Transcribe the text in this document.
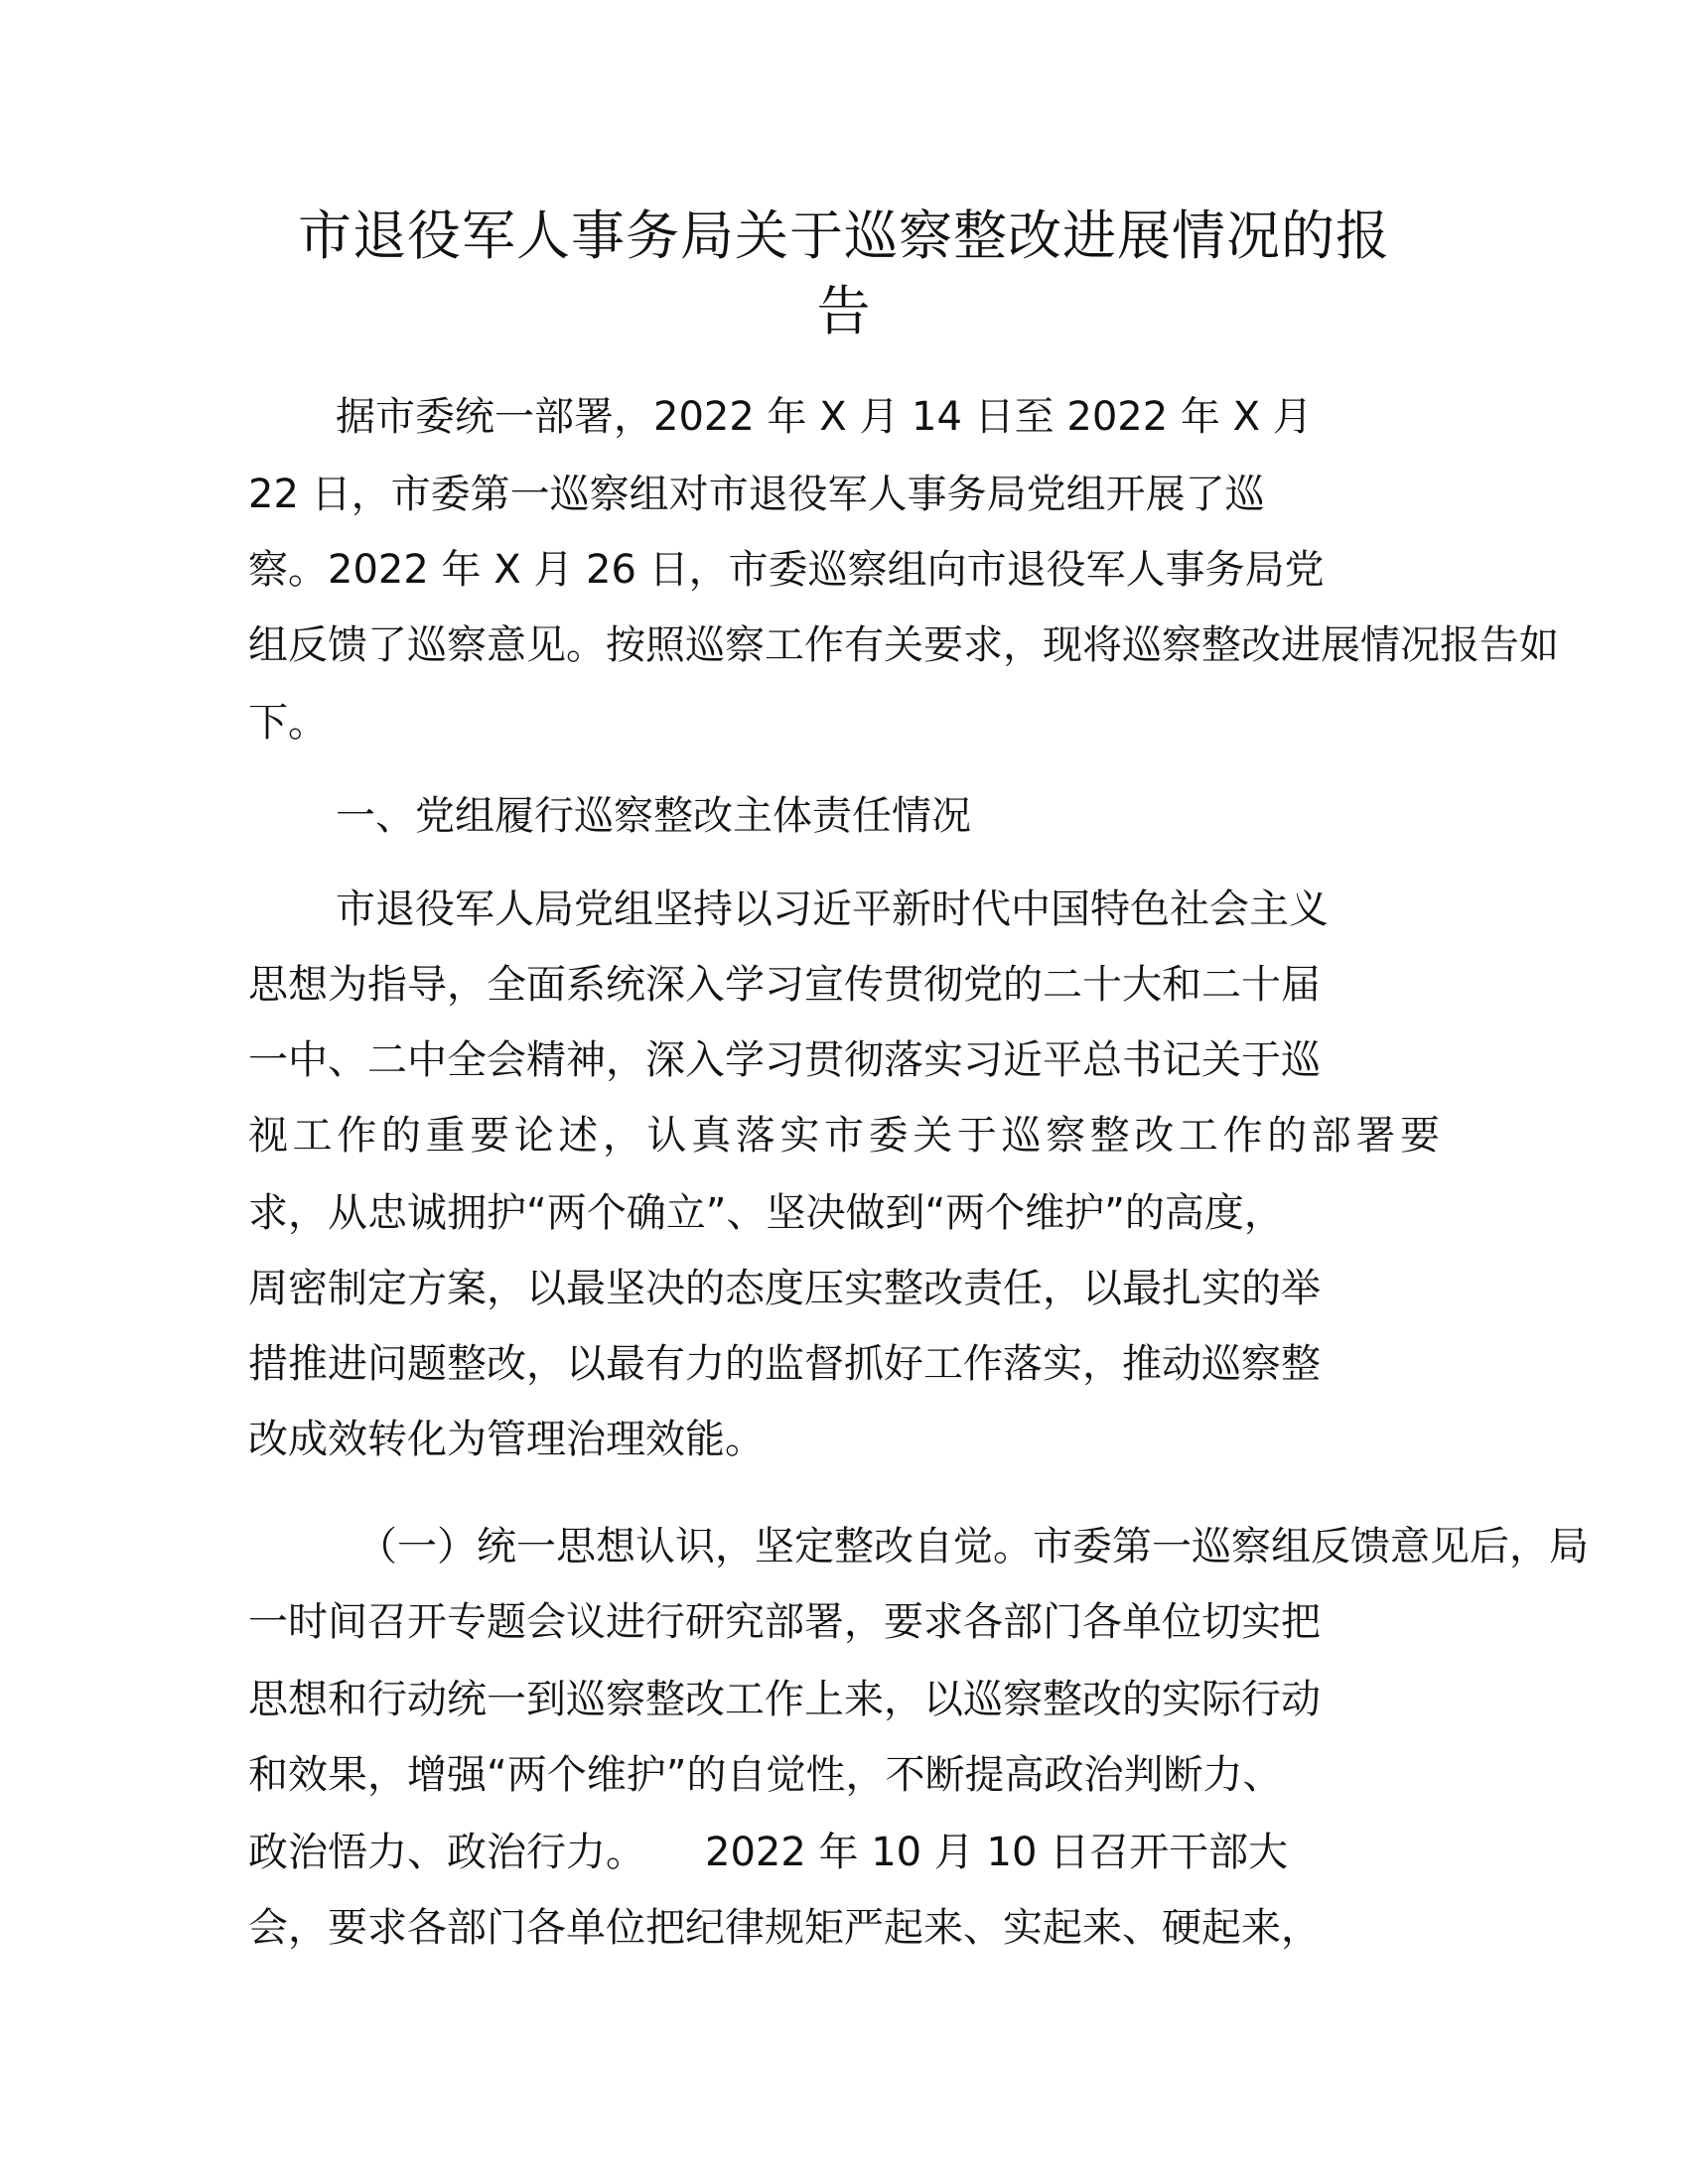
市退役军人事务局关于巡察整改进展情况的报
告
据市委统一部署，2022 年 X 月 14 日至 2022 年 X 月
22 日，市委第一巡察组对市退役军人事务局党组开展了巡
察。2022 年 X 月 26 日，市委巡察组向市退役军人事务局党
组反馈了巡察意见。按照巡察工作有关要求，现将巡察整改进展情况报告如
下。
一、党组履行巡察整改主体责任情况
市退役军人局党组坚持以习近平新时代中国特色社会主义
思想为指导，全面系统深入学习宣传贯彻党的二十大和二十届
一中、二中全会精神，深入学习贯彻落实习近平总书记关于巡
视工作的重要论述，认真落实市委关于巡察整改工作的部署要
求，从忠诚拥护“两个确立”、坚决做到“两个维护”的高度，
周密制定方案，以最坚决的态度压实整改责任，以最扎实的举
措推进问题整改，以最有力的监督抓好工作落实，推动巡察整
改成效转化为管理治理效能。
（一）统一思想认识，坚定整改自觉。市委第一巡察组反馈意见后，局
一时间召开专题会议进行研究部署，要求各部门各单位切实把
思想和行动统一到巡察整改工作上来，以巡察整改的实际行动
和效果，增强“两个维护”的自觉性，不断提高政治判断力、
政治悟力、政治行力。　　2022 年 10 月 10 日召开干部大
会，要求各部门各单位把纪律规矩严起来、实起来、硬起来，
